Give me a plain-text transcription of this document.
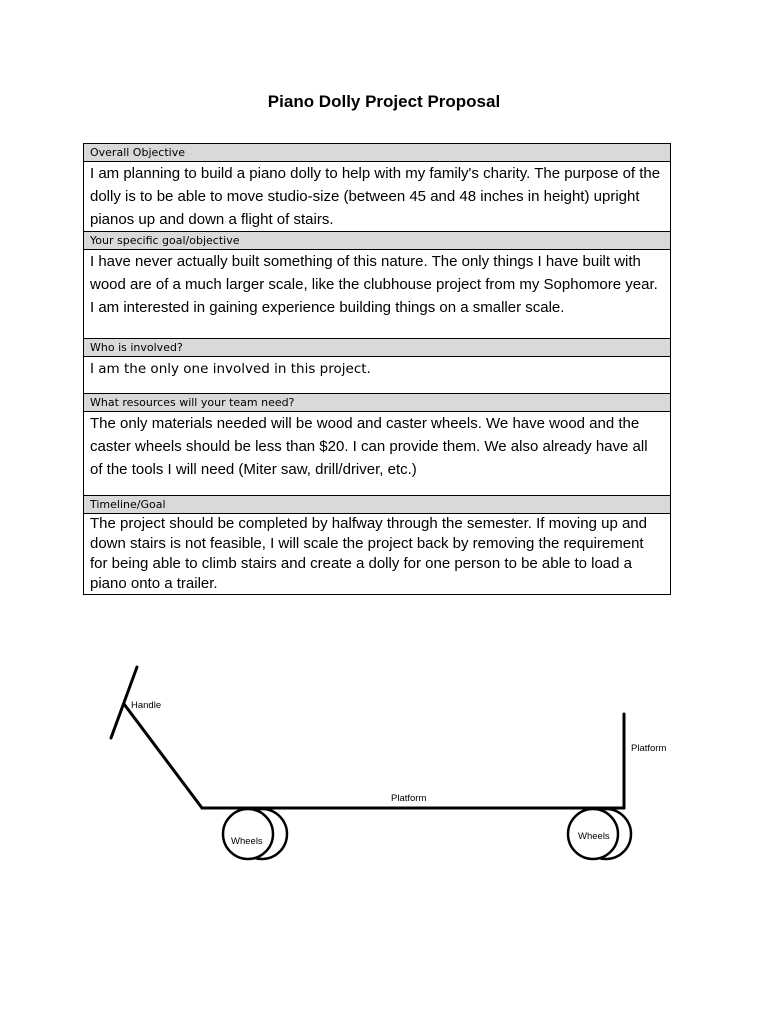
Piano Dolly Project Proposal
Overall Objective
I am planning to build a piano dolly to help with my family's charity. The purpose of the dolly is to be able to move studio-size (between 45 and 48 inches in height) upright pianos up and down a flight of stairs.
Your specific goal/objective
I have never actually built something of this nature. The only things I have built with wood are of a much larger scale, like the clubhouse project from my Sophomore year. I am interested in gaining experience building things on a smaller scale.
Who is involved?
I am the only one involved in this project.
What resources will your team need?
The only materials needed will be wood and caster wheels. We have wood and the caster wheels should be less than $20. I can provide them. We also already have all of the tools I will need (Miter saw, drill/driver, etc.)
Timeline/Goal
The project should be completed by halfway through the semester. If moving up and down stairs is not feasible, I will scale the project back by removing the requirement for being able to climb stairs and create a dolly for one person to be able to load a piano onto a trailer.
Handle
Platform
Platform
Wheels	Wheels
